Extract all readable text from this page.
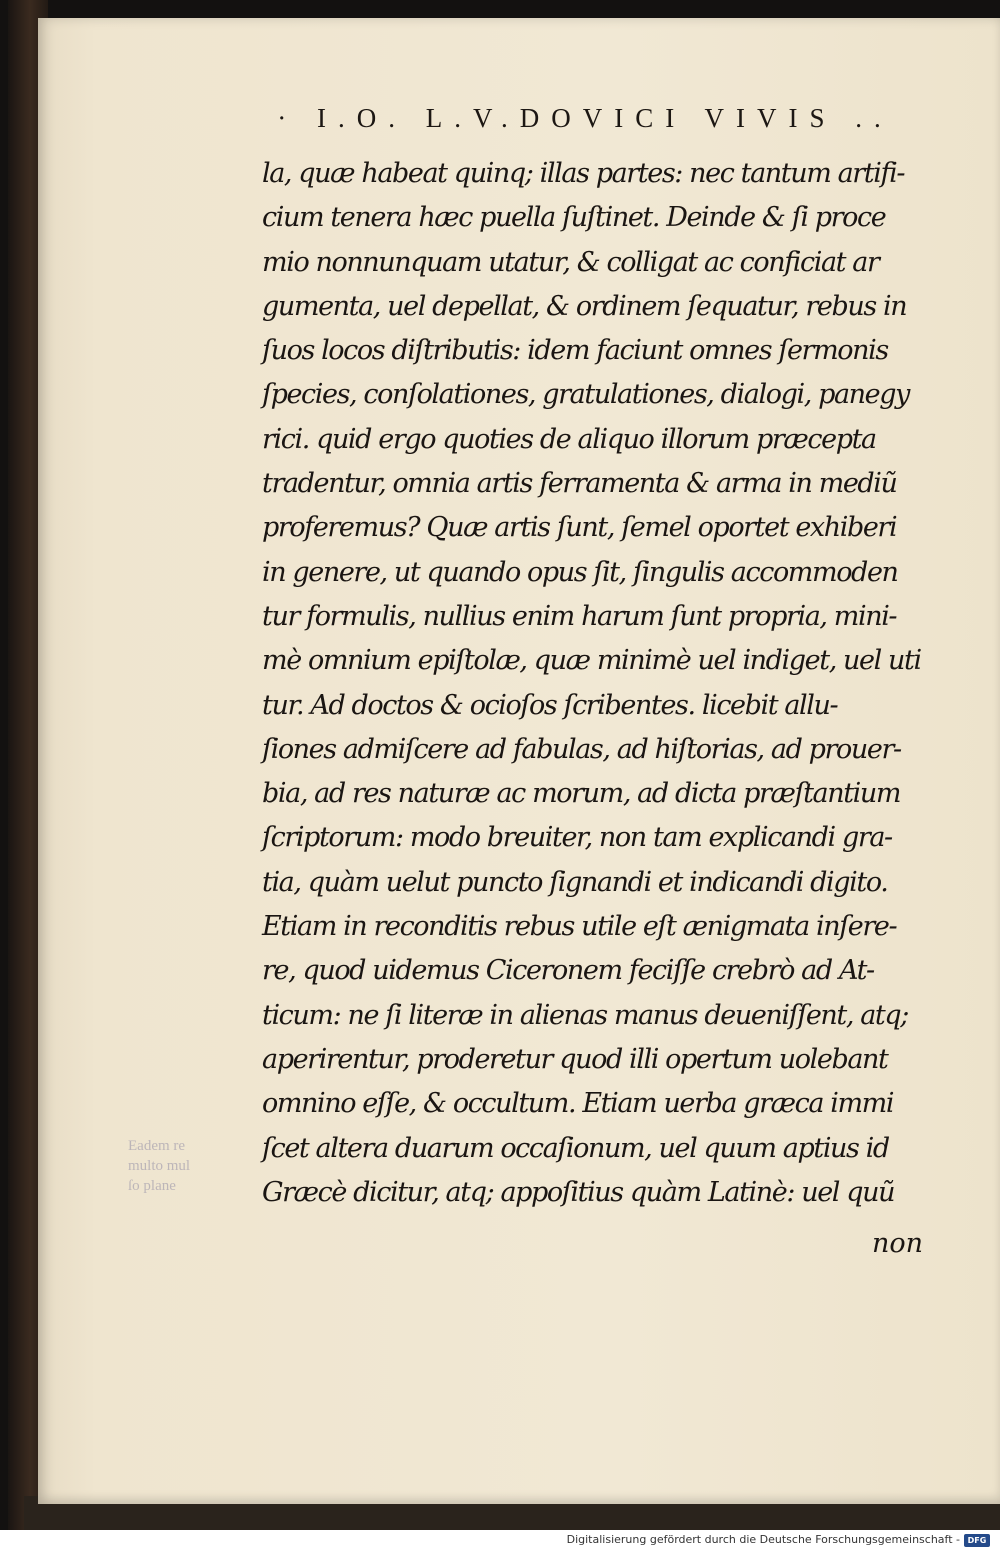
Eadem re
multo mul
ſo plane
· I.O. L.V.DOVICI VIVIS ..
la, quæ habeat quinq; illas partes: nec tantum artifi-
cium tenera hæc puella ſuſtinet. Deinde & ſi proce
mio nonnunquam utatur, & colligat ac conficiat ar
gumenta, uel depellat, & ordinem ſequatur, rebus in
ſuos locos diſtributis: idem faciunt omnes ſermonis
ſpecies, conſolationes, gratulationes, dialogi, panegy
rici. quid ergo quoties de aliquo illorum præcepta
tradentur, omnia artis ferramenta & arma in mediũ
proferemus? Quæ artis ſunt, ſemel oportet exhiberi
in genere, ut quando opus ſit, ſingulis accommoden
tur formulis, nullius enim harum ſunt propria, mini-
mè omnium epiſtolæ, quæ minimè uel indiget, uel uti
tur. Ad doctos & ocioſos ſcribentes. licebit allu-
ſiones admiſcere ad fabulas, ad hiſtorias, ad prouer-
bia, ad res naturæ ac morum, ad dicta præſtantium
ſcriptorum: modo breuiter, non tam explicandi gra-
tia, quàm uelut puncto ſignandi et indicandi digito.
Etiam in reconditis rebus utile eſt ænigmata inſere-
re, quod uidemus Ciceronem feciſſe crebrò ad At-
ticum: ne ſi literæ in alienas manus deueniſſent, atq;
aperirentur, proderetur quod illi opertum uolebant
omnino eſſe, & occultum. Etiam uerba græca immi
ſcet altera duarum occaſionum, uel quum aptius id
Græcè dicitur, atq; appoſitius quàm Latinè: uel quũ
non
Digitalisierung gefördert durch die Deutsche Forschungsgemeinschaft - DFG
